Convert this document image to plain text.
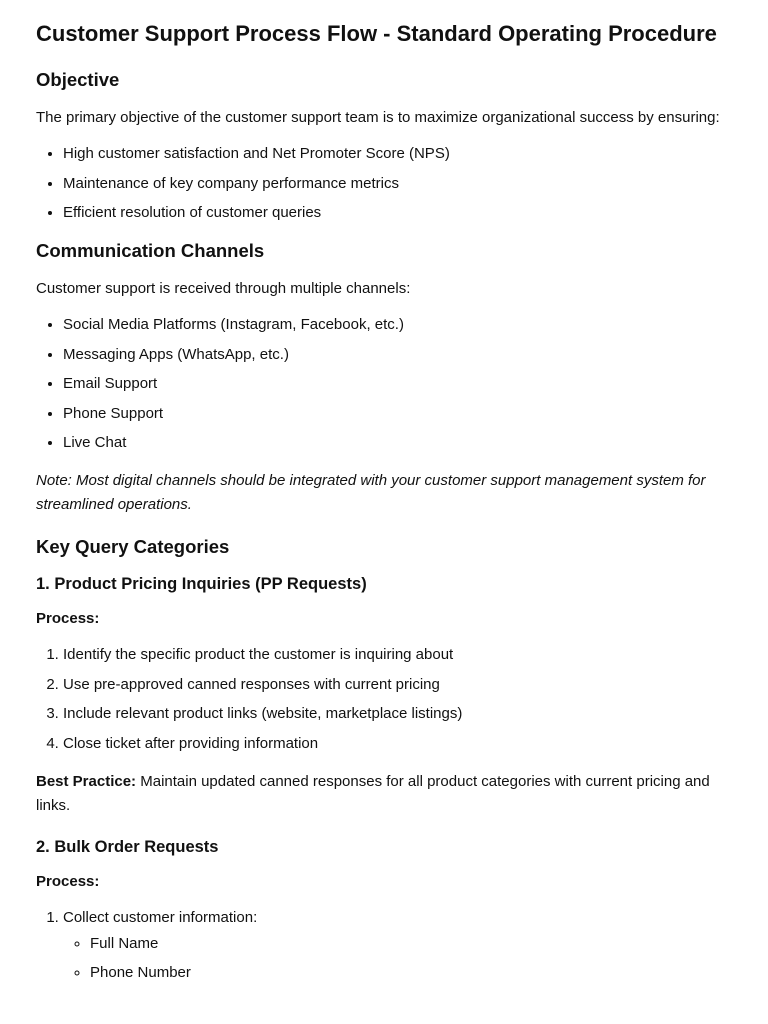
Customer Support Process Flow - Standard Operating Procedure
Objective

The primary objective of the customer support team is to maximize organizational success by ensuring:

• High customer satisfaction and Net Promoter Score (NPS)
• Maintenance of key company performance metrics
• Efficient resolution of customer queries
Communication Channels

Customer support is received through multiple channels:

• Social Media Platforms (Instagram, Facebook, etc.)
• Messaging Apps (WhatsApp, etc.)
• Email Support
• Phone Support
• Live Chat

Note: Most digital channels should be integrated with your customer support management system for streamlined operations.

Key Query Categories
1. Product Pricing Inquiries (PP Requests)

Process:

1. Identify the specific product the customer is inquiring about
2. Use pre-approved canned responses with current pricing
3. Include relevant product links (website, marketplace listings)
4. Close ticket after providing information

Best Practice: Maintain updated canned responses for all product categories with current pricing and links.

2. Bulk Order Requests

Process:

1. Collect customer information:
◦ Full Name
◦ Phone Number
